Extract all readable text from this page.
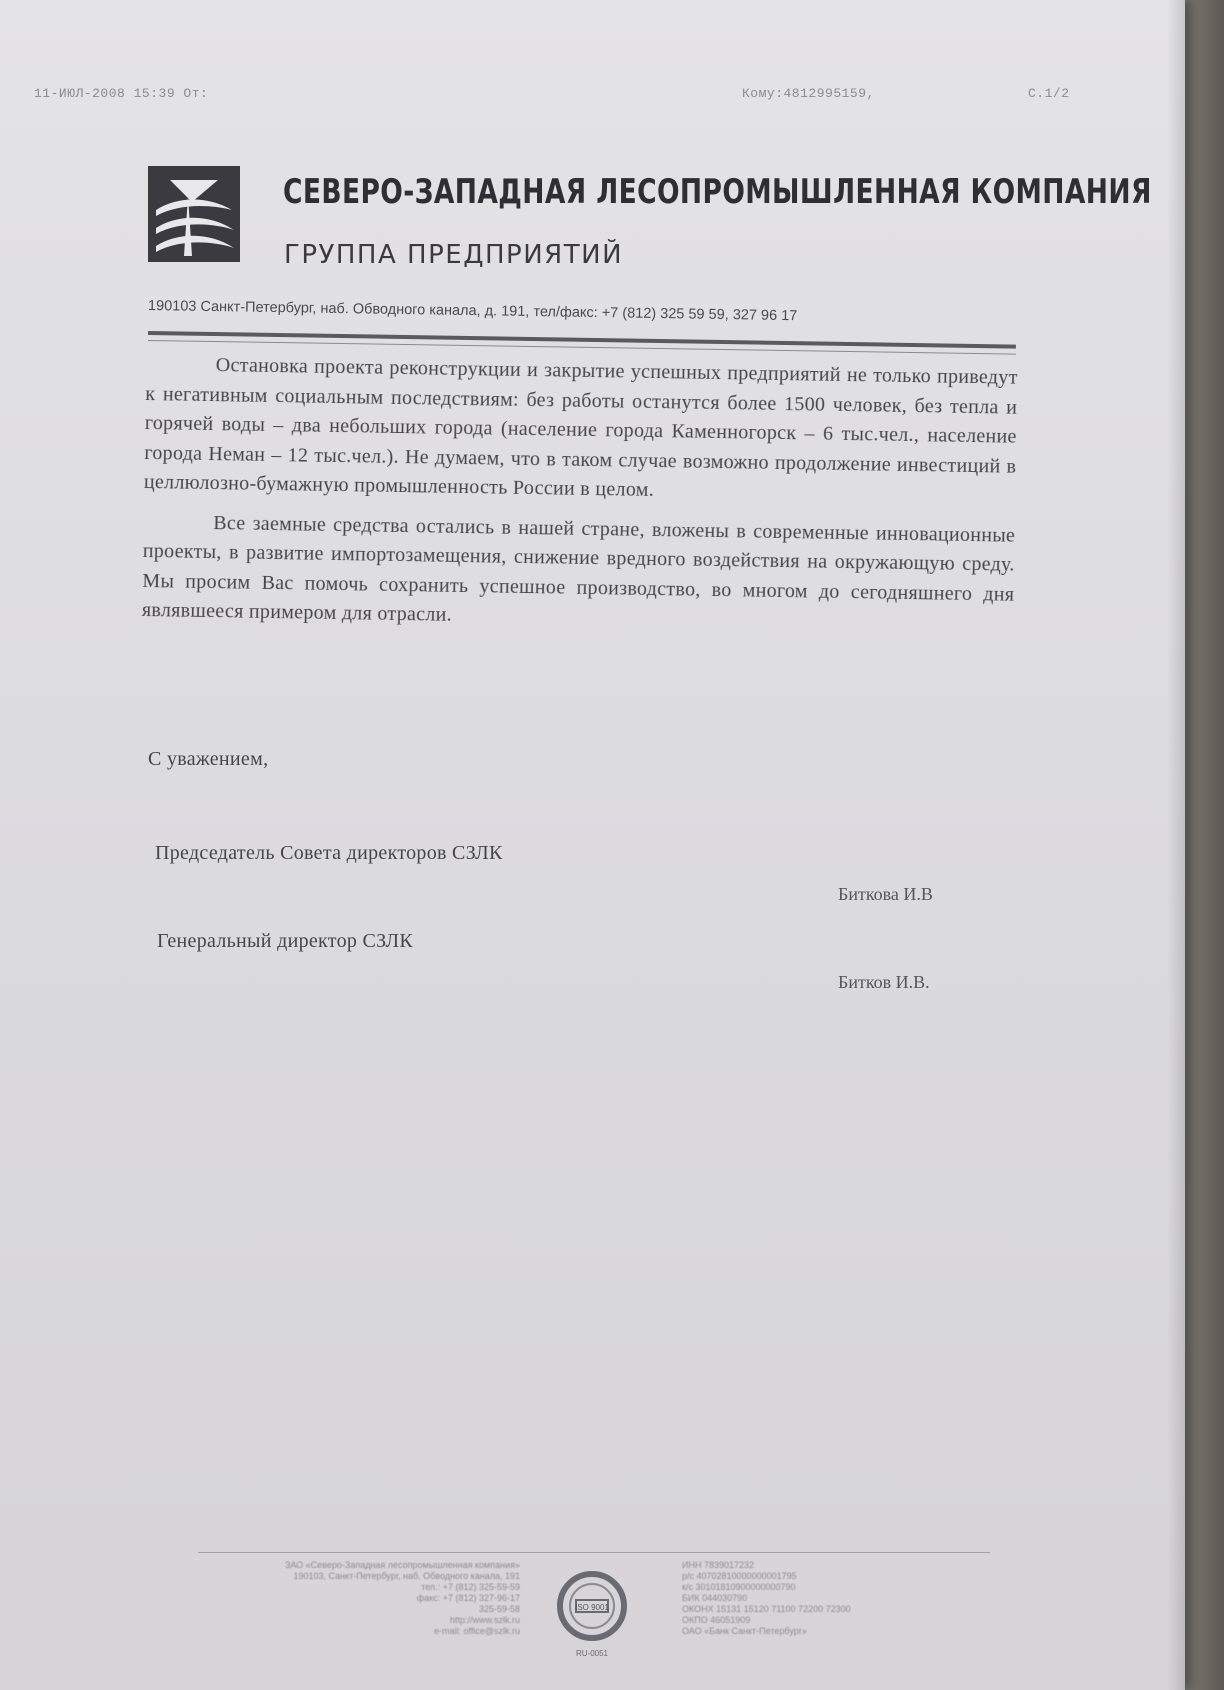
11-ИЮЛ-2008 15:39 От:	Кому:4812995159,	С.1/2
СЕВЕРО-ЗАПАДНАЯ ЛЕСОПРОМЫШЛЕННАЯ КОМПАНИЯ
ГРУППА ПРЕДПРИЯТИЙ
190103 Санкт-Петербург, наб. Обводного канала, д. 191, тел/факс: +7 (812) 325 59 59, 327 96 17

Остановка проекта реконструкции и закрытие успешных предприятий не только приведут к негативным социальным последствиям: без работы останутся более 1500 человек, без тепла и горячей воды – два небольших города (население города Каменногорск – 6 тыс.чел., население города Неман – 12 тыс.чел.). Не думаем, что в таком случае возможно продолжение инвестиций в целлюлозно-бумажную промышленность России в целом.

Все заемные средства остались в нашей стране, вложены в современные инновационные проекты, в развитие импортозамещения, снижение вредного воздействия на окружающую среду. Мы просим Вас помочь сохранить успешное производство, во многом до сегодняшнего дня являвшееся примером для отрасли.

С уважением,
Председатель Совета директоров СЗЛК
Биткова И.В
Генеральный директор СЗЛК
Битков И.В.
ЗАО «Северо-Западная лесопромышленная компания»
190103, Санкт-Петербург, наб. Обводного канала, 191
тел.: +7 (812) 325-59-59
факс: +7 (812) 327-96-17
325-59-58
http://www.szlk.ru
e-mail: office@szlk.ru
ISO 9001
RU-0051
ИНН 7839017232
р/с 40702810000000001795
к/с 30101810900000000790
БИК 044030790
ОКОНХ 15131 15120 71100 72200 72300
ОКПО 46051909
ОАО «Банк Санкт-Петербург»
